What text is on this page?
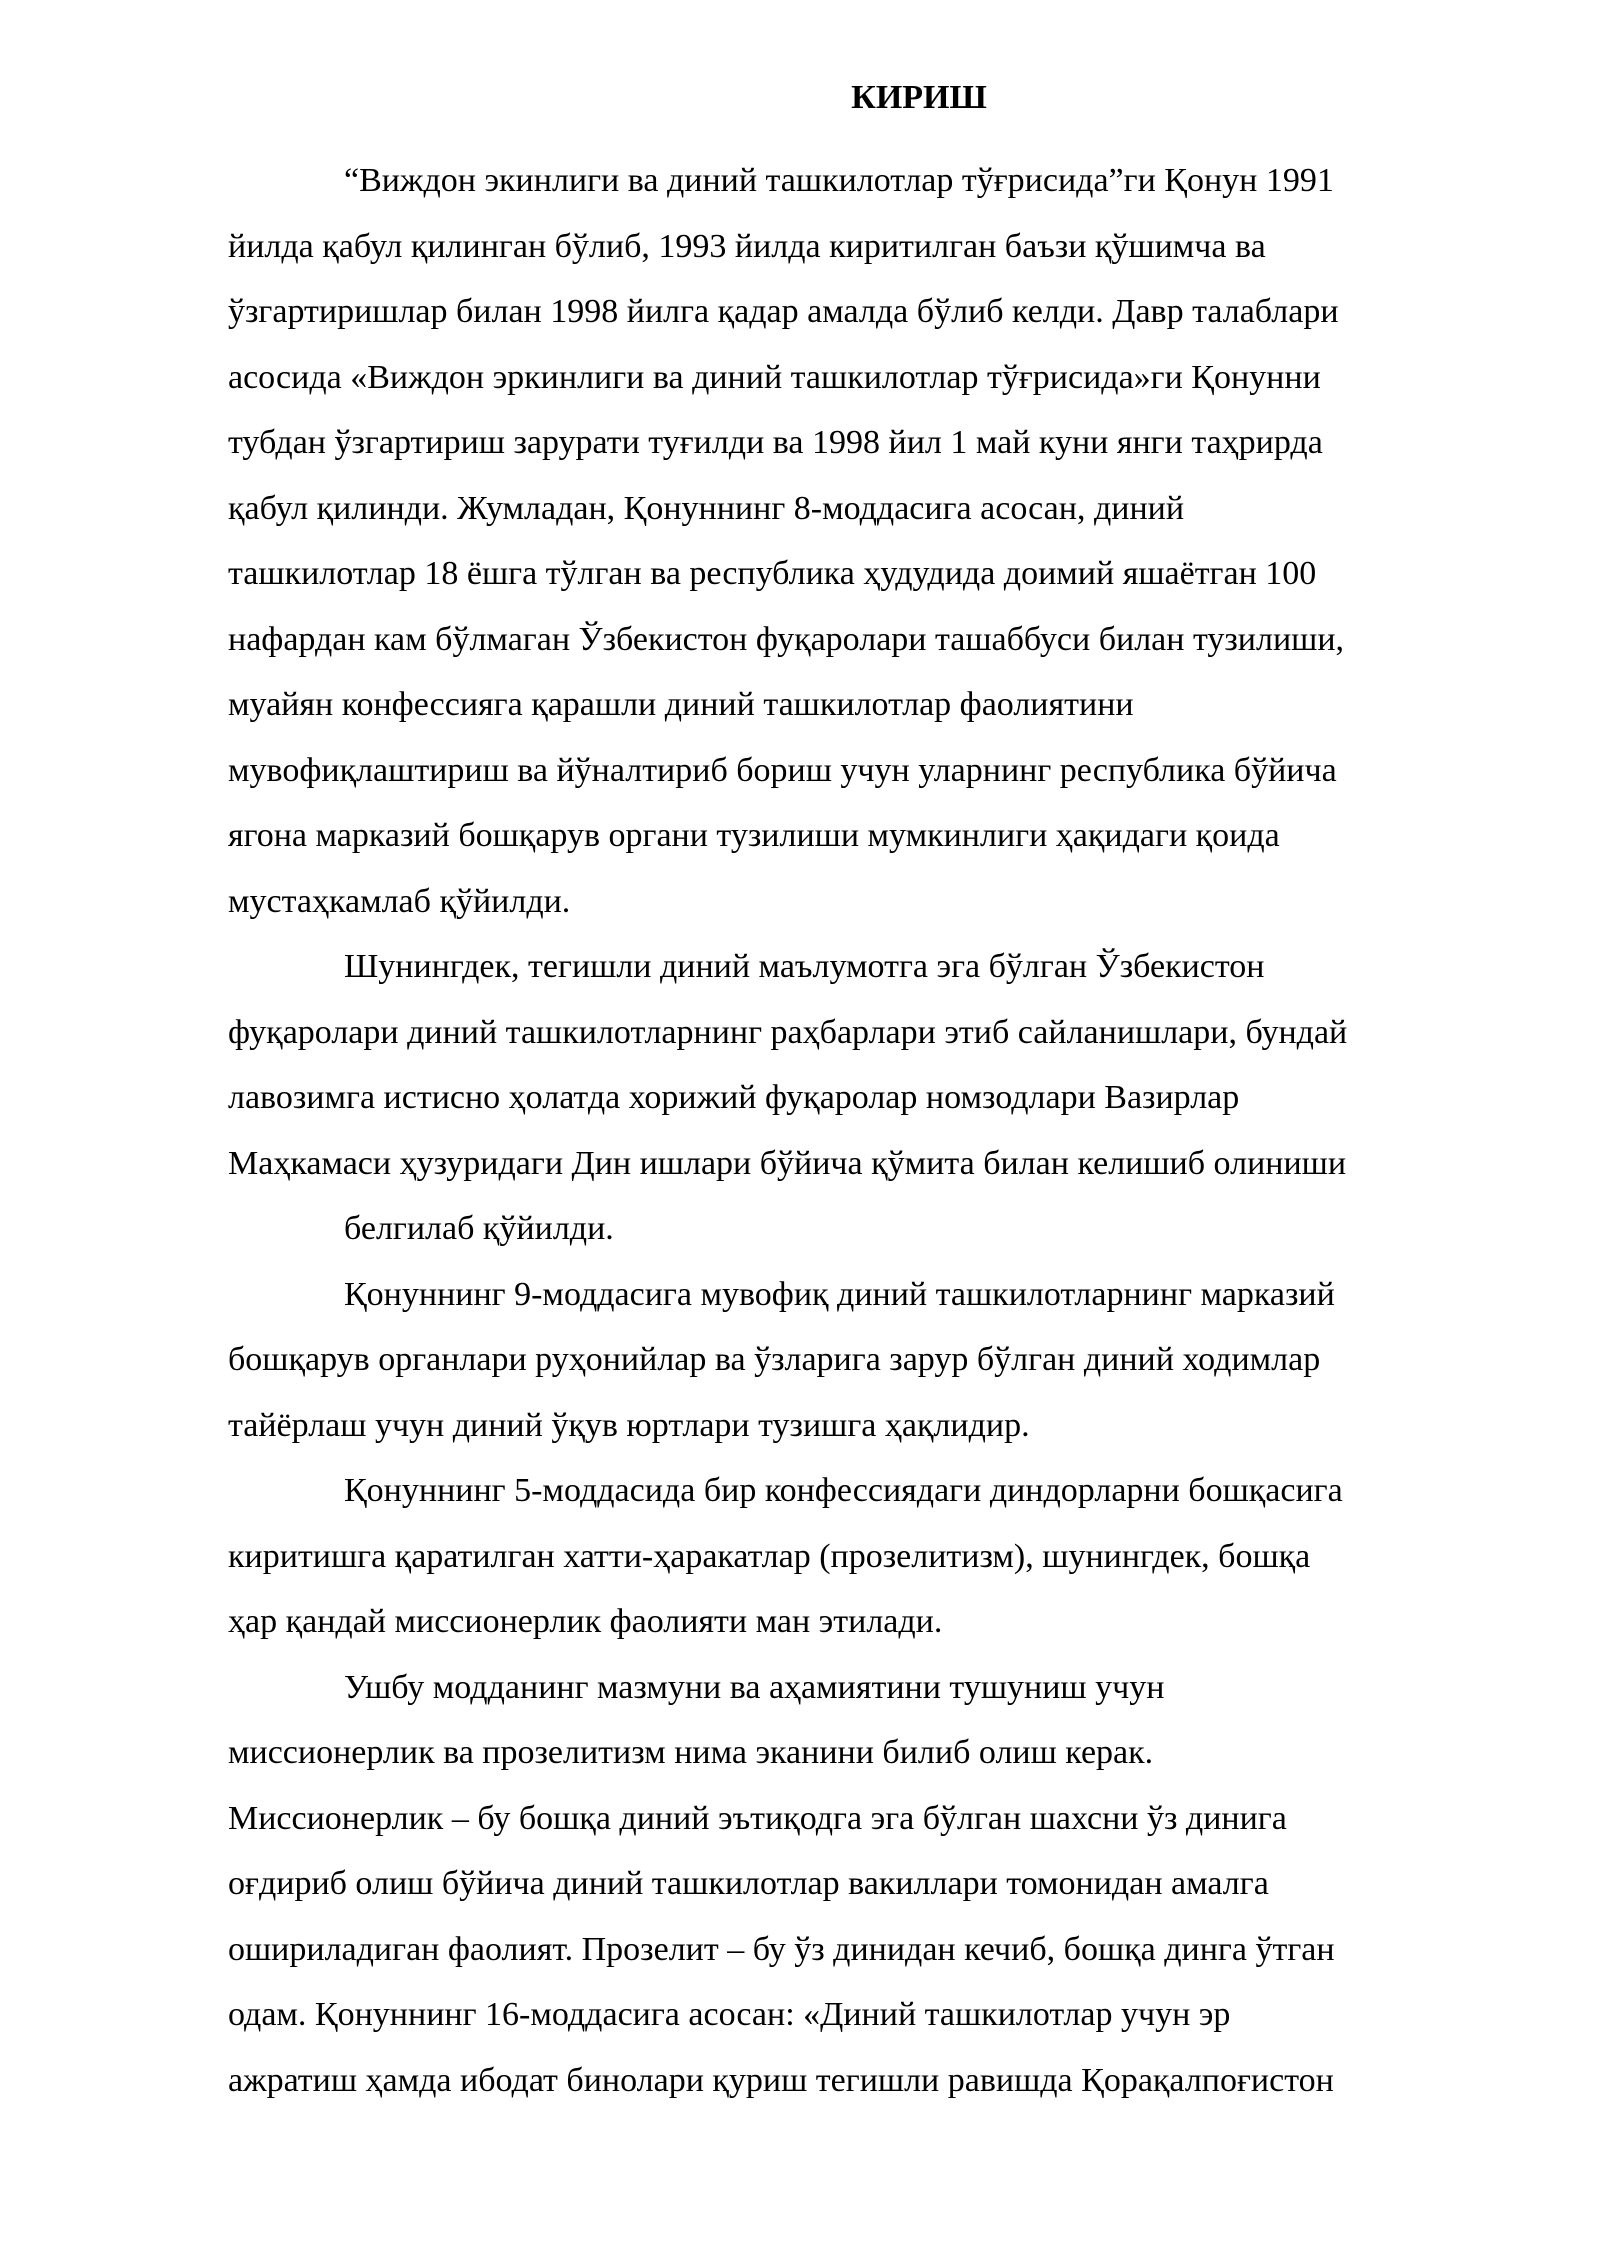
КИРИШ

“Виждон экинлиги ва диний ташкилотлар тўғрисида”ги Қонун 1991

йилда қабул қилинган бўлиб, 1993 йилда киритилган баъзи қўшимча ва

ўзгартиришлар билан 1998 йилга қадар амалда бўлиб келди. Давр талаблари

асосида «Виждон эркинлиги ва диний ташкилотлар тўғрисида»ги Қонунни

тубдан ўзгартириш зарурати туғилди ва 1998 йил 1 май куни янги таҳрирда

қабул қилинди. Жумладан, Қонуннинг 8-моддасига асосан, диний

ташкилотлар 18 ёшга тўлган ва республика ҳудудида доимий яшаётган 100

нафардан кам бўлмаган Ўзбекистон фуқаролари ташаббуси билан тузилиши,

муайян конфессияга қарашли диний ташкилотлар фаолиятини

мувофиқлаштириш ва йўналтириб бориш учун уларнинг республика бўйича

ягона марказий бошқарув органи тузилиши мумкинлиги ҳақидаги қоида

мустаҳкамлаб қўйилди.

Шунингдек, тегишли диний маълумотга эга бўлган Ўзбекистон

фуқаролари диний ташкилотларнинг раҳбарлари этиб сайланишлари, бундай

лавозимга истисно ҳолатда хорижий фуқаролар номзодлари Вазирлар

Маҳкамаси ҳузуридаги Дин ишлари бўйича қўмита билан келишиб олиниши

белгилаб қўйилди.

Қонуннинг 9-моддасига мувофиқ диний ташкилотларнинг марказий

бошқарув органлари руҳонийлар ва ўзларига зарур бўлган диний ходимлар

тайёрлаш учун диний ўқув юртлари тузишга ҳақлидир.

Қонуннинг 5-моддасида бир конфессиядаги диндорларни бошқасига

киритишга қаратилган хатти-ҳаракатлар (прозелитизм), шунингдек, бошқа

ҳар қандай миссионерлик фаолияти ман этилади.

Ушбу модданинг мазмуни ва аҳамиятини тушуниш учун

миссионерлик ва прозелитизм нима эканини билиб олиш керак.

Миссионерлик – бу бошқа диний эътиқодга эга бўлган шахсни ўз динига

оғдириб олиш бўйича диний ташкилотлар вакиллари томонидан амалга

ошириладиган фаолият. Прозелит – бу ўз динидан кечиб, бошқа динга ўтган

одам. Қонуннинг 16-моддасига асосан: «Диний ташкилотлар учун эр

ажратиш ҳамда ибодат бинолари қуриш тегишли равишда Қорақалпоғистон
